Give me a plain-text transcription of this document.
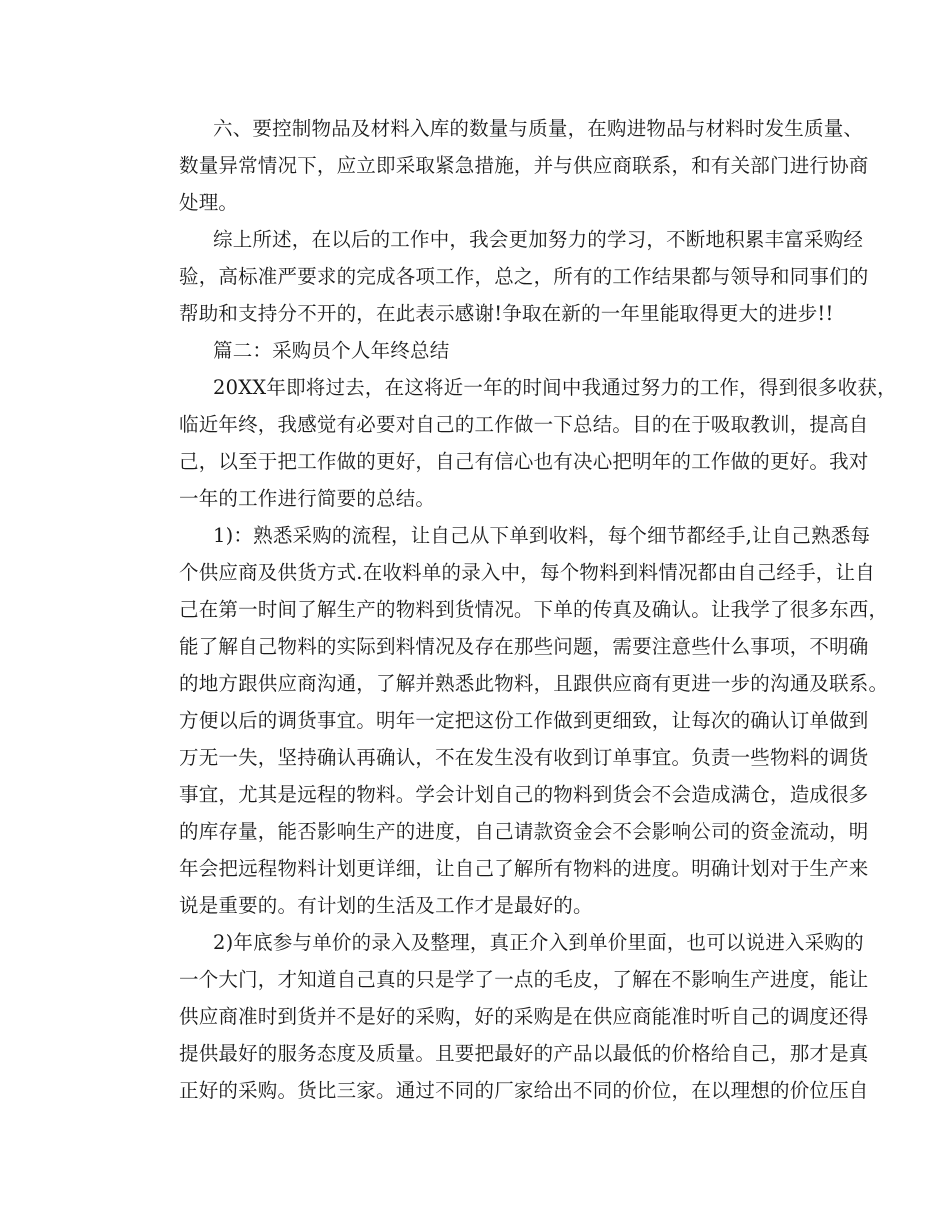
六、要控制物品及材料入库的数量与质量，在购进物品与材料时发生质量、
数量异常情况下，应立即采取紧急措施，并与供应商联系，和有关部门进行协商
处理。

综上所述，在以后的工作中，我会更加努力的学习，不断地积累丰富采购经
验，高标准严要求的完成各项工作，总之，所有的工作结果都与领导和同事们的
帮助和支持分不开的，在此表示感谢!争取在新的一年里能取得更大的进步!!

篇二：采购员个人年终总结

20XX年即将过去，在这将近一年的时间中我通过努力的工作，得到很多收获，
临近年终，我感觉有必要对自己的工作做一下总结。目的在于吸取教训，提高自
己，以至于把工作做的更好，自己有信心也有决心把明年的工作做的更好。我对
一年的工作进行简要的总结。

1)：熟悉采购的流程，让自己从下单到收料，每个细节都经手,让自己熟悉每
个供应商及供货方式.在收料单的录入中，每个物料到料情况都由自己经手，让自
己在第一时间了解生产的物料到货情况。下单的传真及确认。让我学了很多东西，
能了解自己物料的实际到料情况及存在那些问题，需要注意些什么事项，不明确
的地方跟供应商沟通，了解并熟悉此物料，且跟供应商有更进一步的沟通及联系。
方便以后的调货事宜。明年一定把这份工作做到更细致，让每次的确认订单做到
万无一失，坚持确认再确认，不在发生没有收到订单事宜。负责一些物料的调货
事宜，尤其是远程的物料。学会计划自己的物料到货会不会造成满仓，造成很多
的库存量，能否影响生产的进度，自己请款资金会不会影响公司的资金流动，明
年会把远程物料计划更详细，让自己了解所有物料的进度。明确计划对于生产来
说是重要的。有计划的生活及工作才是最好的。

2)年底参与单价的录入及整理，真正介入到单价里面，也可以说进入采购的
一个大门，才知道自己真的只是学了一点的毛皮，了解在不影响生产进度，能让
供应商准时到货并不是好的采购，好的采购是在供应商能准时听自己的调度还得
提供最好的服务态度及质量。且要把最好的产品以最低的价格给自己，那才是真
正好的采购。货比三家。通过不同的厂家给出不同的价位，在以理想的价位压自
